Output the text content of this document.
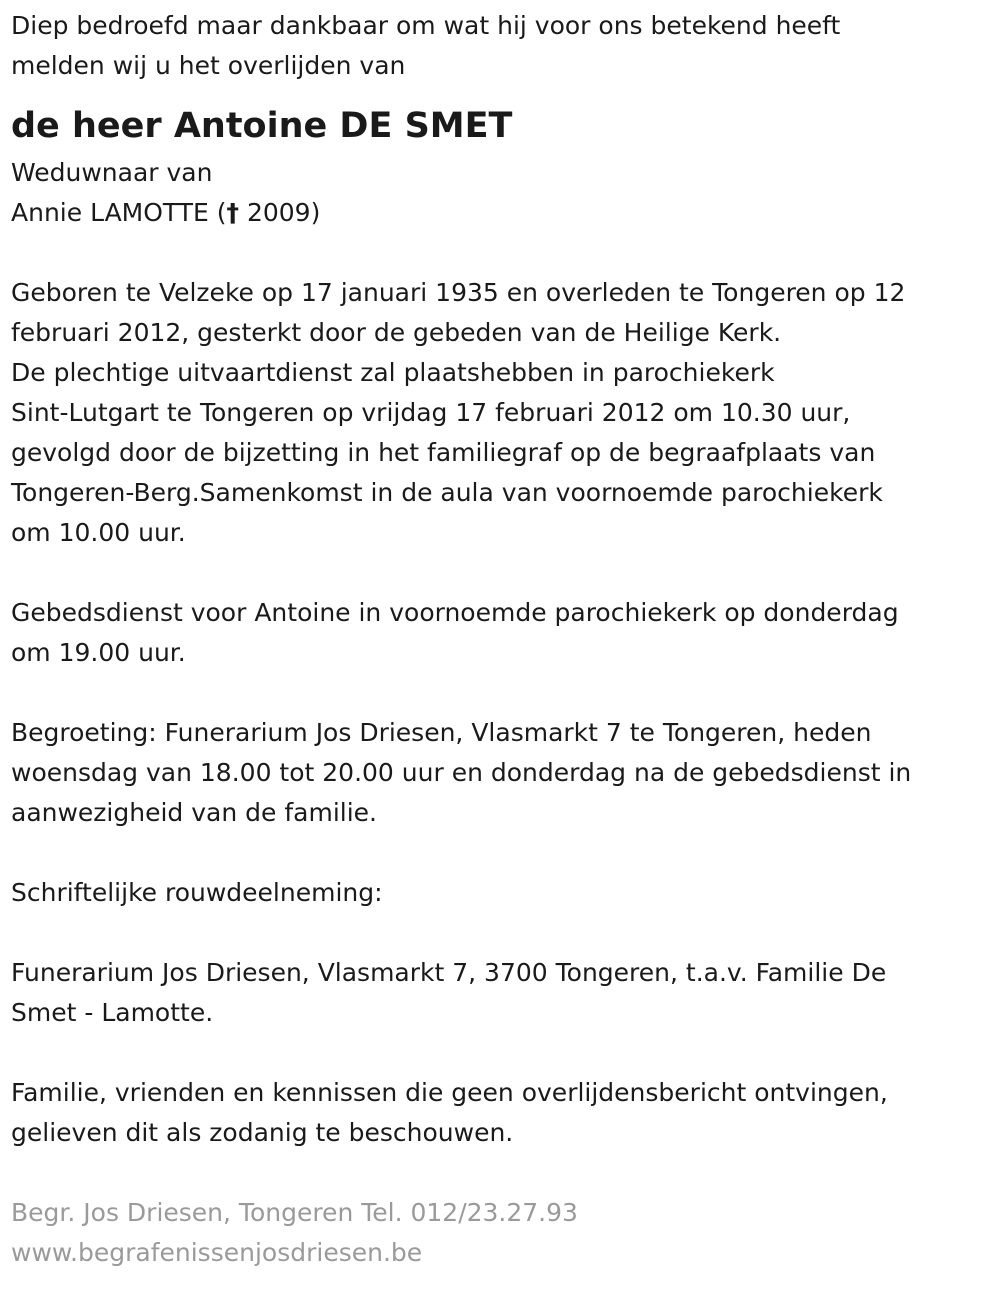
Diep bedroefd maar dankbaar om wat hij voor ons betekend heeft

melden wij u het overlijden van

de heer Antoine DE SMET

Weduwnaar van

Annie LAMOTTE († 2009)

Geboren te Velzeke op 17 januari 1935 en overleden te Tongeren op 12

februari 2012, gesterkt door de gebeden van de Heilige Kerk.

De plechtige uitvaartdienst zal plaatshebben in parochiekerk

Sint-Lutgart te Tongeren op vrijdag 17 februari 2012 om 10.30 uur,

gevolgd door de bijzetting in het familiegraf op de begraafplaats van

Tongeren-Berg.Samenkomst in de aula van voornoemde parochiekerk

om 10.00 uur.

Gebedsdienst voor Antoine in voornoemde parochiekerk op donderdag

om 19.00 uur.

Begroeting: Funerarium Jos Driesen, Vlasmarkt 7 te Tongeren, heden

woensdag van 18.00 tot 20.00 uur en donderdag na de gebedsdienst in

aanwezigheid van de familie.

Schriftelijke rouwdeelneming:

Funerarium Jos Driesen, Vlasmarkt 7, 3700 Tongeren, t.a.v. Familie De

Smet - Lamotte.

Familie, vrienden en kennissen die geen overlijdensbericht ontvingen,

gelieven dit als zodanig te beschouwen.

Begr. Jos Driesen, Tongeren Tel. 012/23.27.93

www.begrafenissenjosdriesen.be
